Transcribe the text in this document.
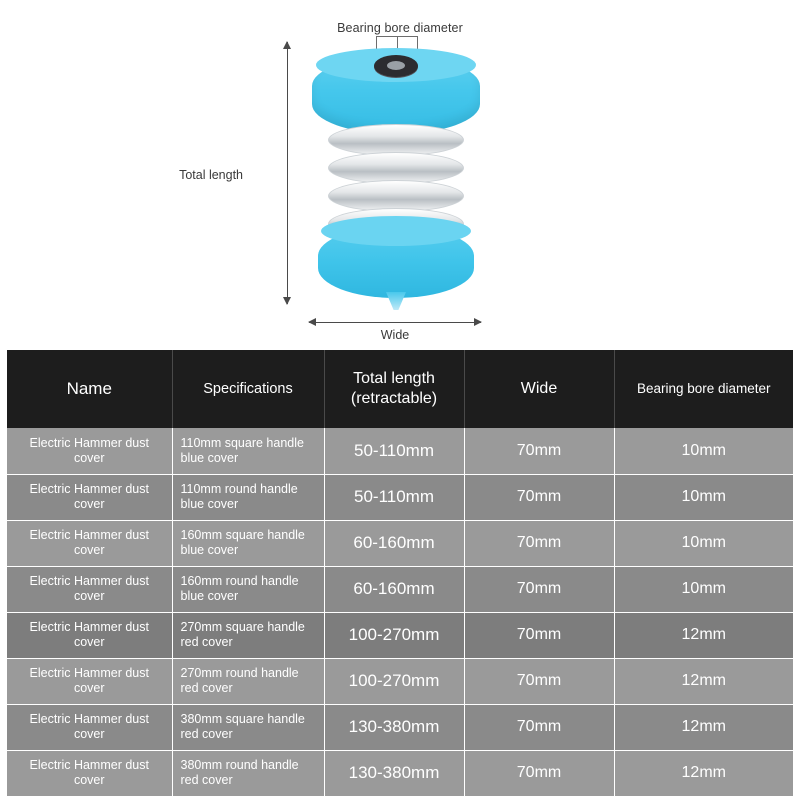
Bearing bore diameter
Total length
Wide
Name	Specifications	Total length (retractable)	Wide	Bearing bore diameter
Electric Hammer dust cover	110mm square handle blue cover	50-110mm	70mm	10mm
Electric Hammer dust cover	110mm round handle blue cover	50-110mm	70mm	10mm
Electric Hammer dust cover	160mm square handle blue cover	60-160mm	70mm	10mm
Electric Hammer dust cover	160mm round handle blue cover	60-160mm	70mm	10mm
Electric Hammer dust cover	270mm square handle red cover	100-270mm	70mm	12mm
Electric Hammer dust cover	270mm round handle red cover	100-270mm	70mm	12mm
Electric Hammer dust cover	380mm square handle red cover	130-380mm	70mm	12mm
Electric Hammer dust cover	380mm round handle red cover	130-380mm	70mm	12mm
